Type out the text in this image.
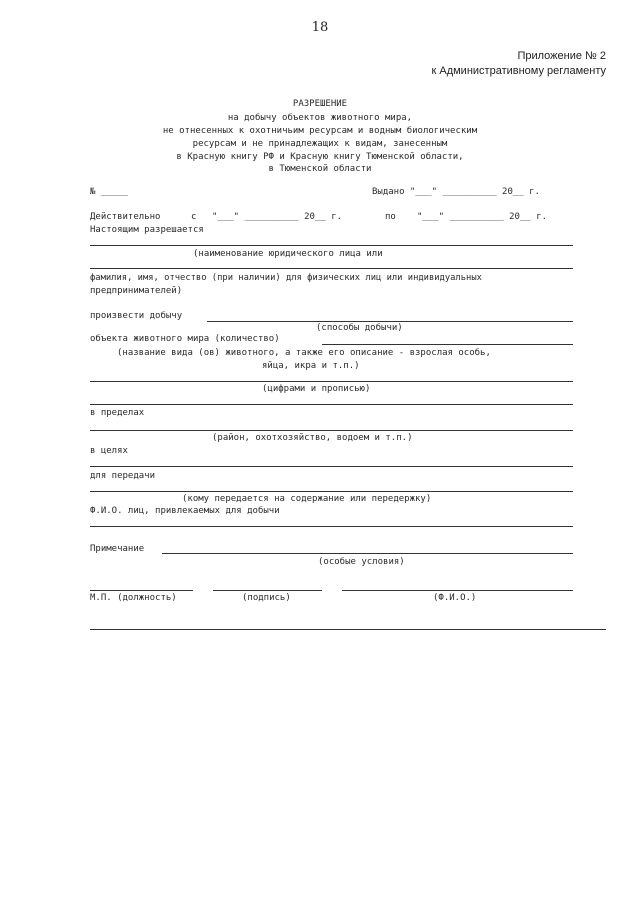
18
Приложение № 2
к Административному регламенту
РАЗРЕШЕНИЕ
на добычу объектов животного мира,
не отнесенных к охотничьим ресурсам и водным биологическим
ресурсам и не принадлежащих к видам, занесенным
в Красную книгу РФ и Красную книгу Тюменской области,
в Тюменской области
№ _____	Выдано "___" __________ 20__ г.
Действительно	с "___" __________ 20__ г.	по "___" __________ 20__ г.
Настоящим разрешается
(наименование юридического лица или
фамилия, имя, отчество (при наличии) для физических лиц или индивидуальных
предпринимателей)
произвести добычу
(способы добычи)
объекта животного мира (количество)
(название вида (ов) животного, а также его описание - взрослая особь,
яйца, икра и т.п.)
(цифрами и прописью)
в пределах
(район, охотхозяйство, водоем и т.п.)
в целях
для передачи
(кому передается на содержание или передержку)
Ф.И.О. лиц, привлекаемых для добычи
Примечание
(особые условия)
М.П. (должность)	(подпись)	(Ф.И.О.)
